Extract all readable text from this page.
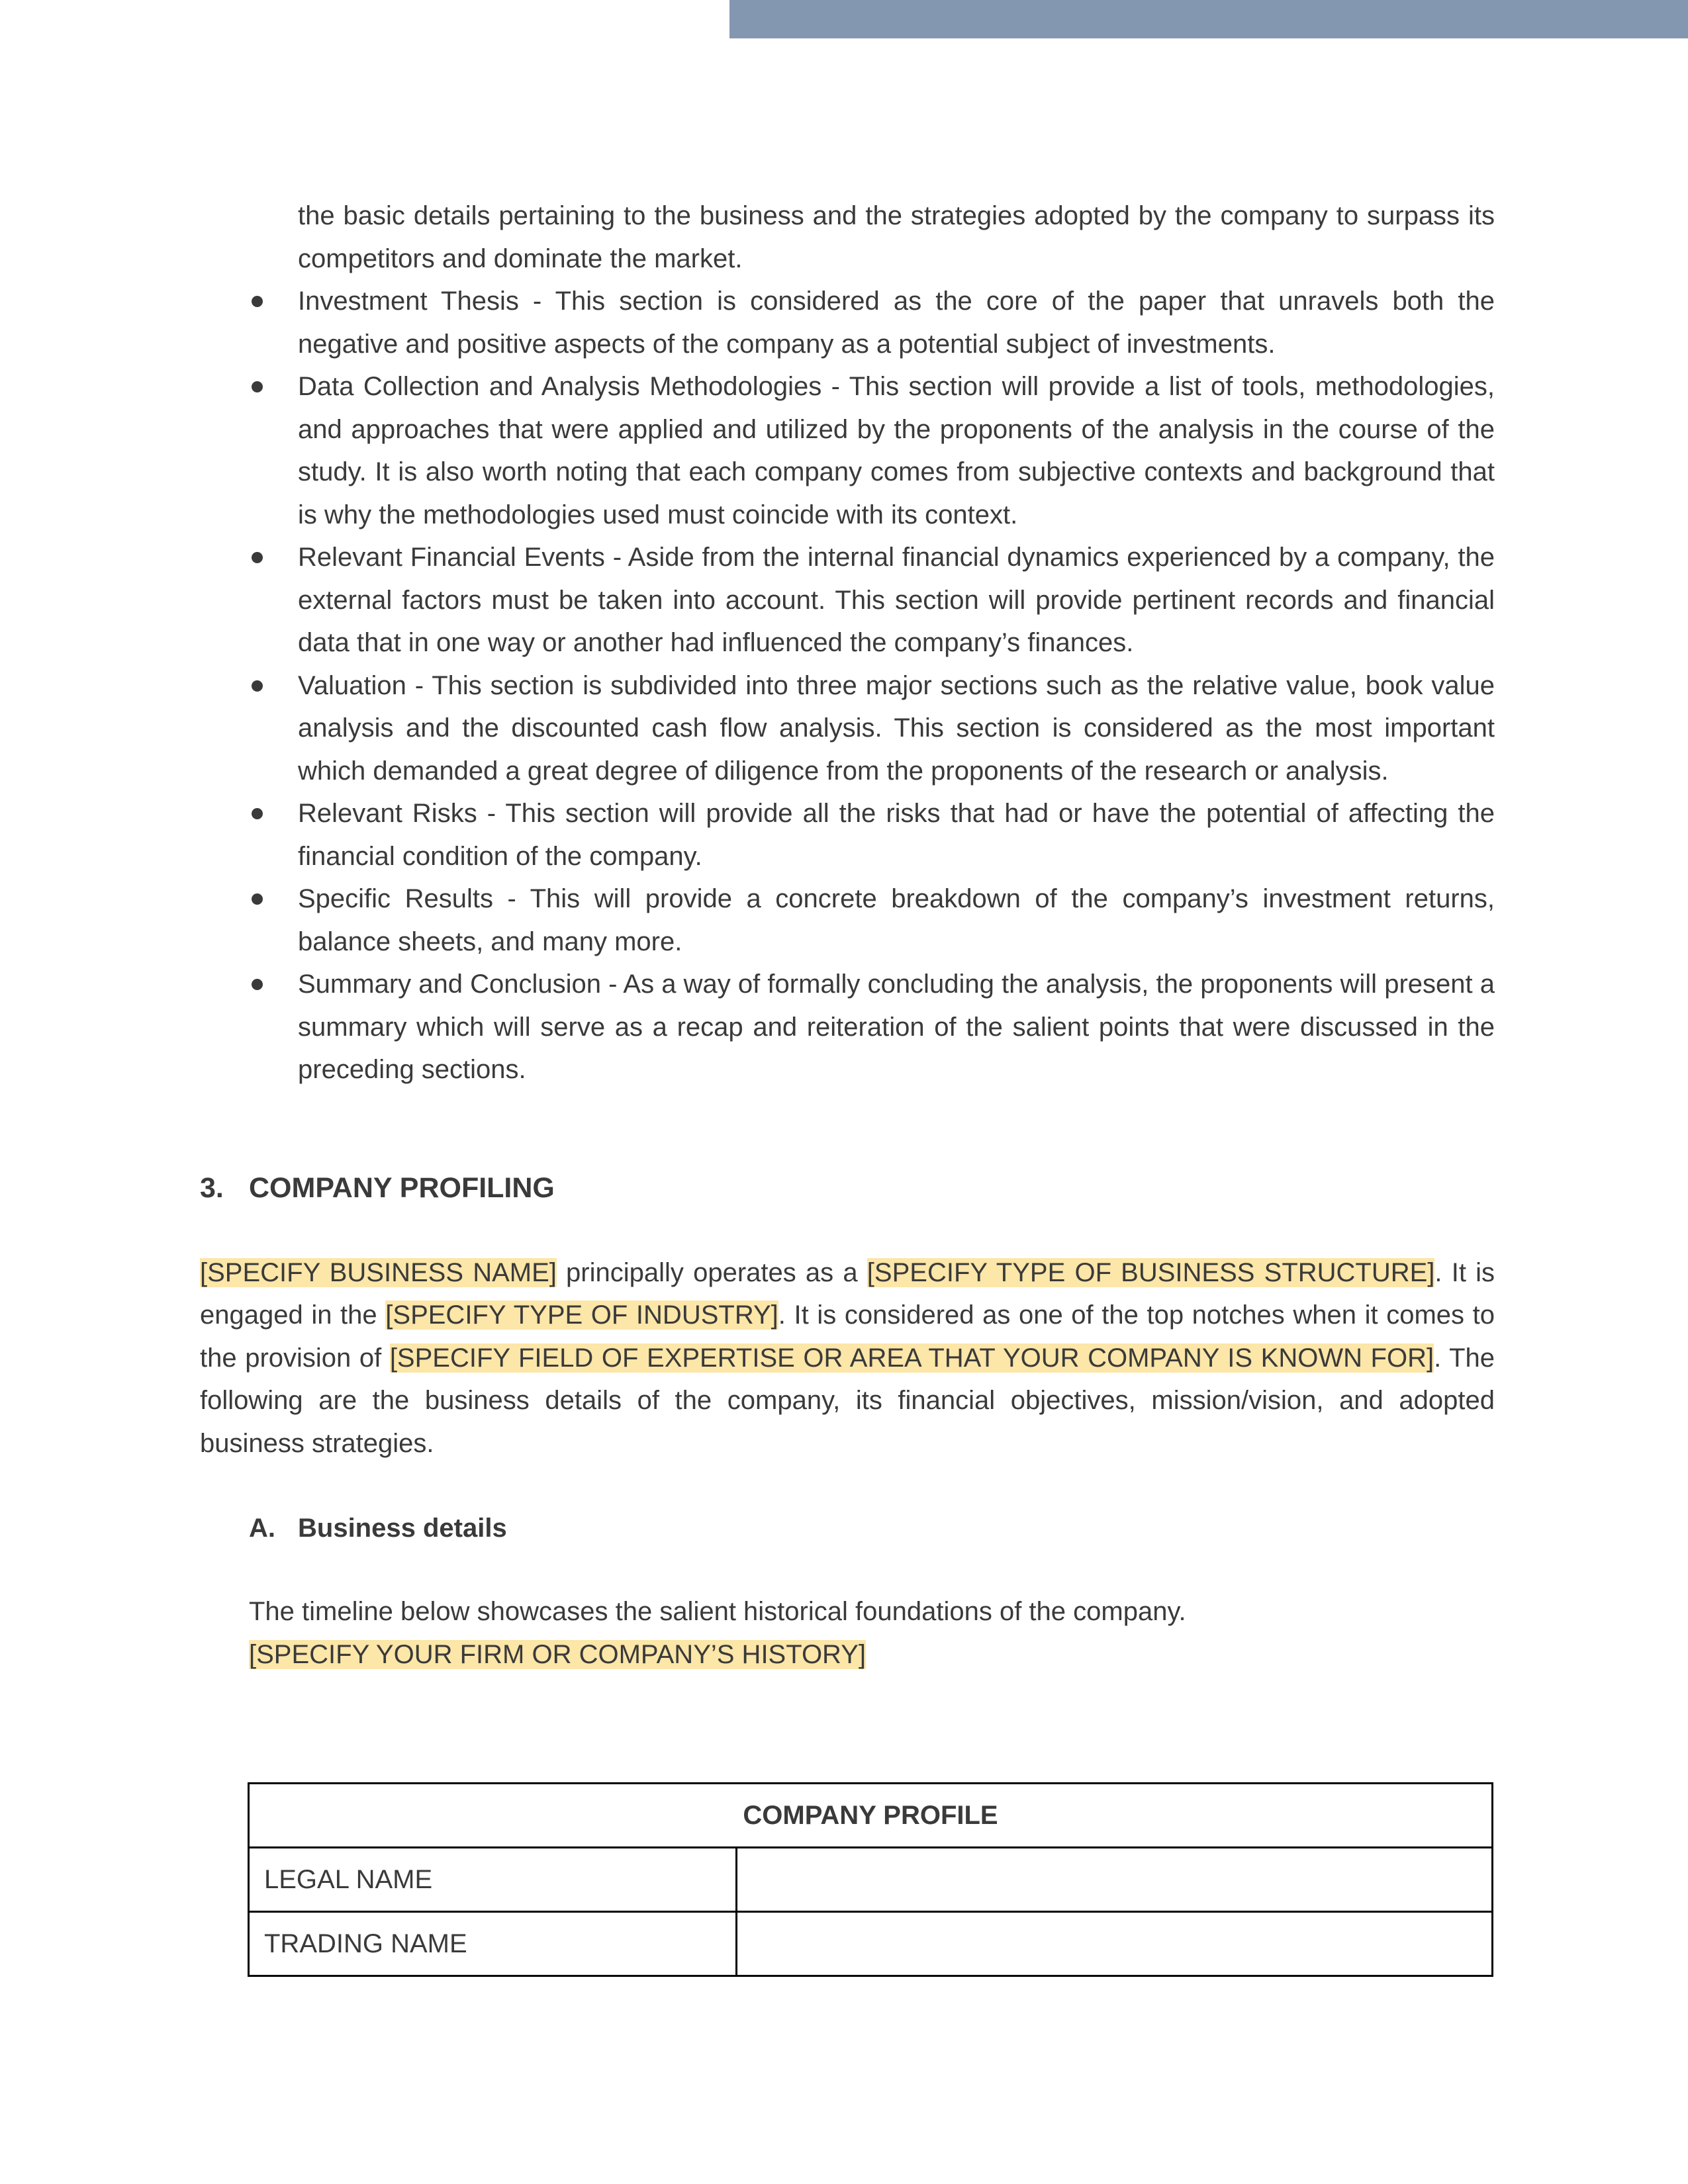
the basic details pertaining to the business and the strategies adopted by the company to surpass its competitors and dominate the market.

Investment Thesis - This section is considered as the core of the paper that unravels both the negative and positive aspects of the company as a potential subject of investments.
Data Collection and Analysis Methodologies - This section will provide a list of tools, methodologies, and approaches that were applied and utilized by the proponents of the analysis in the course of the study. It is also worth noting that each company comes from subjective contexts and background that is why the methodologies used must coincide with its context.
Relevant Financial Events - Aside from the internal financial dynamics experienced by a company, the external factors must be taken into account. This section will provide pertinent records and financial data that in one way or another had influenced the company’s finances.
Valuation - This section is subdivided into three major sections such as the relative value, book value analysis and the discounted cash flow analysis. This section is considered as the most important which demanded a great degree of diligence from the proponents of the research or analysis.
Relevant Risks - This section will provide all the risks that had or have the potential of affecting the financial condition of the company.
Specific Results - This will provide a concrete breakdown of the company’s investment returns, balance sheets, and many more.
Summary and Conclusion - As a way of formally concluding the analysis, the proponents will present a summary which will serve as a recap and reiteration of the salient points that were discussed in the preceding sections.
3. COMPANY PROFILING

[SPECIFY BUSINESS NAME] principally operates as a [SPECIFY TYPE OF BUSINESS STRUCTURE]. It is engaged in the [SPECIFY TYPE OF INDUSTRY]. It is considered as one of the top notches when it comes to the provision of [SPECIFY FIELD OF EXPERTISE OR AREA THAT YOUR COMPANY IS KNOWN FOR]. The following are the business details of the company, its financial objectives, mission/vision, and adopted business strategies.

A. Business details
The timeline below showcases the salient historical foundations of the company.
[SPECIFY YOUR FIRM OR COMPANY’S HISTORY]
COMPANY PROFILE	
LEGAL NAME	
TRADING NAME	
